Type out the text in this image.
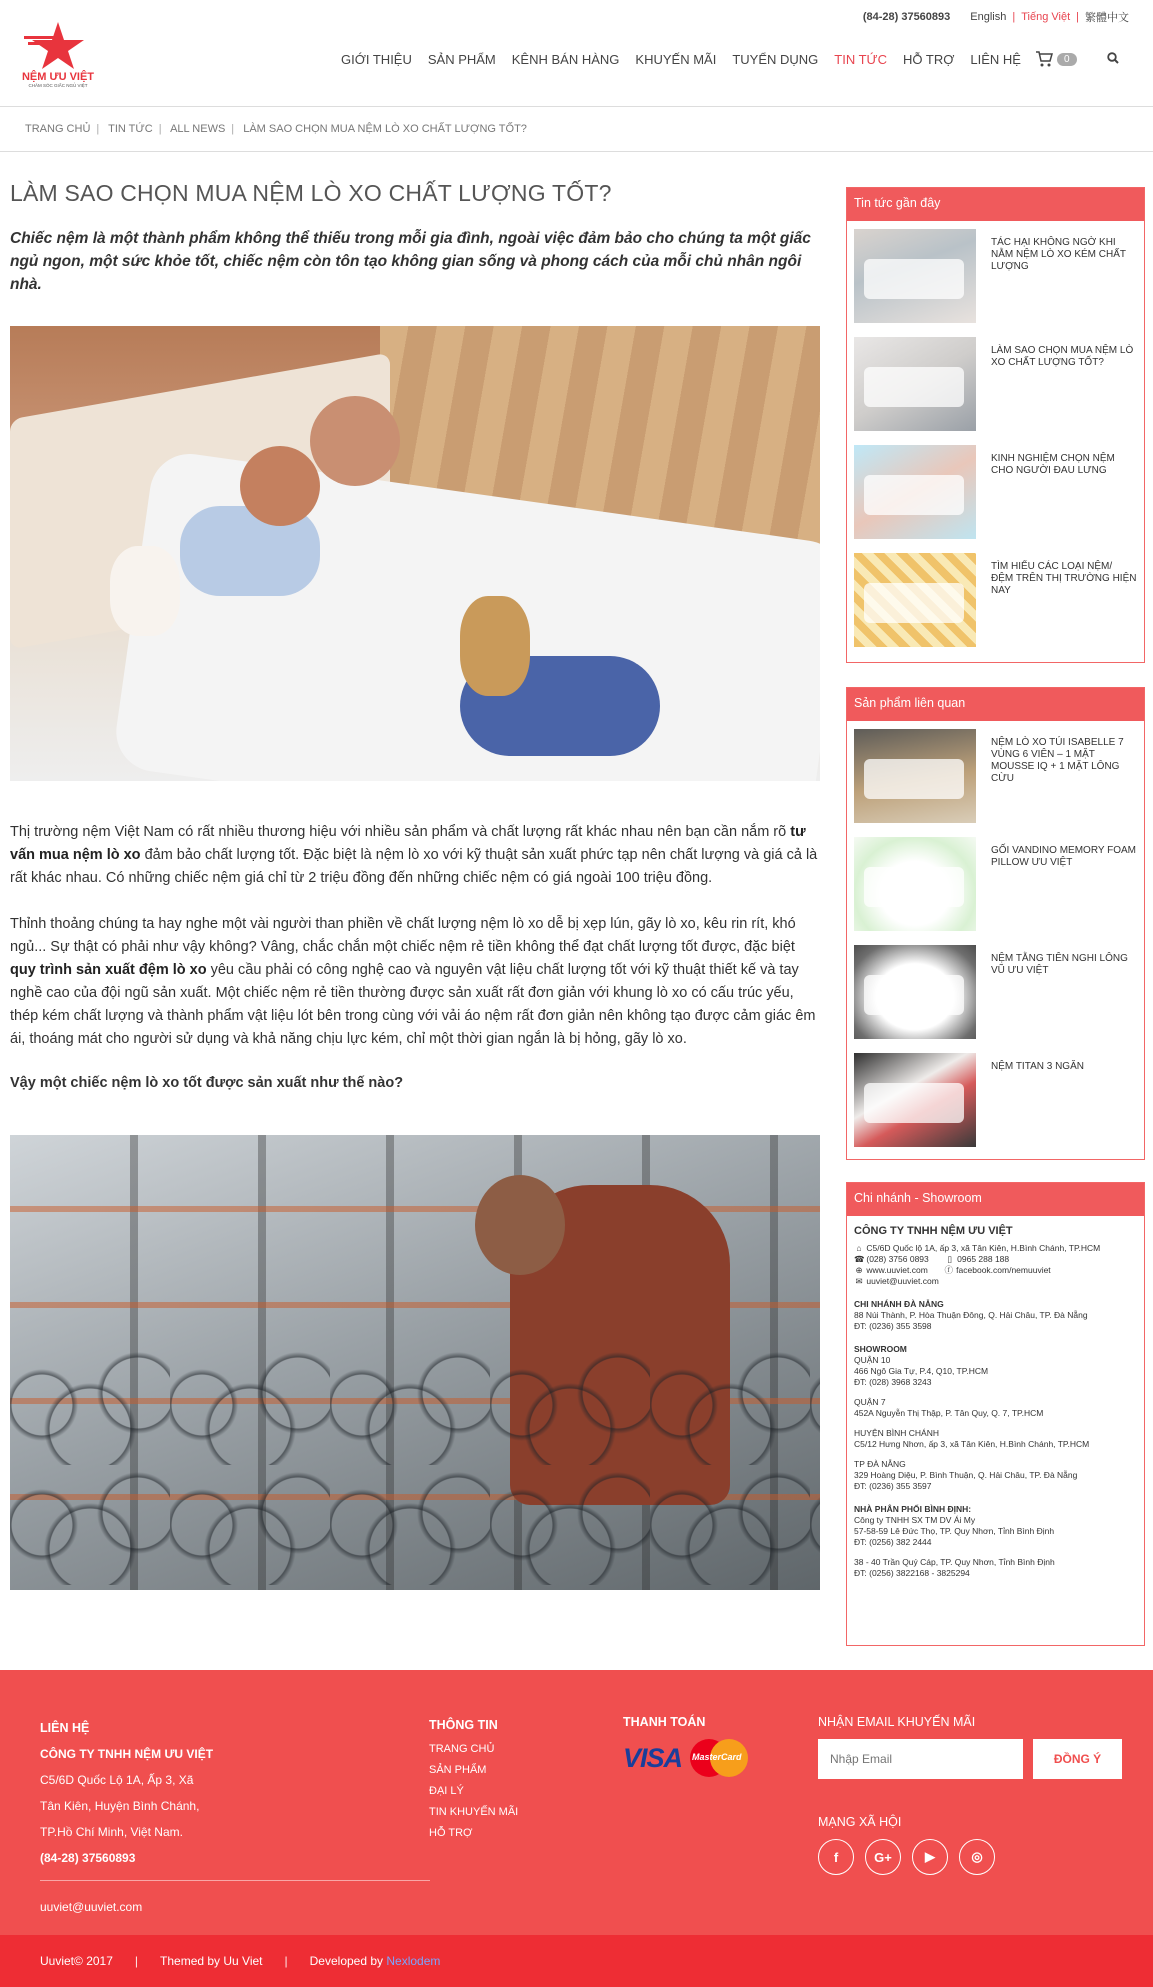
(84-28) 37560893 English | Tiếng Việt | 繁體中文
NỆM ƯU VIỆT
CHĂM SÓC GIẤC NGỦ VIỆT
GIỚI THIỆU SẢN PHẨM KÊNH BÁN HÀNG KHUYẾN MÃI TUYỂN DỤNG TIN TỨC HỖ TRỢ LIÊN HỆ	0
TRANG CHỦ | TIN TỨC | ALL NEWS | LÀM SAO CHỌN MUA NỆM LÒ XO CHẤT LƯỢNG TỐT?
LÀM SAO CHỌN MUA NỆM LÒ XO CHẤT LƯỢNG TỐT?

Chiếc nệm là một thành phẩm không thể thiếu trong mỗi gia đình, ngoài việc đảm bảo cho chúng ta một giấc ngủ ngon, một sức khỏe tốt, chiếc nệm còn tôn tạo không gian sống và phong cách của mỗi chủ nhân ngôi nhà.

Thị trường nệm Việt Nam có rất nhiều thương hiệu với nhiều sản phẩm và chất lượng rất khác nhau nên bạn cần nắm rõ tư vấn mua nệm lò xo đảm bảo chất lượng tốt. Đặc biệt là nệm lò xo với kỹ thuật sản xuất phức tạp nên chất lượng và giá cả là rất khác nhau. Có những chiếc nệm giá chỉ từ 2 triệu đồng đến những chiếc nệm có giá ngoài 100 triệu đồng.

Thỉnh thoảng chúng ta hay nghe một vài người than phiền về chất lượng nệm lò xo dễ bị xẹp lún, gãy lò xo, kêu rin rít, khó ngủ... Sự thật có phải như vậy không? Vâng, chắc chắn một chiếc nệm rẻ tiền không thể đạt chất lượng tốt được, đặc biệt quy trình sản xuất đệm lò xo yêu cầu phải có công nghệ cao và nguyên vật liệu chất lượng tốt với kỹ thuật thiết kế và tay nghề cao của đội ngũ sản xuất. Một chiếc nệm rẻ tiền thường được sản xuất rất đơn giản với khung lò xo có cấu trúc yếu, thép kém chất lượng và thành phẩm vật liệu lót bên trong cùng với vải áo nệm rất đơn giản nên không tạo được cảm giác êm ái, thoáng mát cho người sử dụng và khả năng chịu lực kém, chỉ một thời gian ngắn là bị hỏng, gãy lò xo.

Vậy một chiếc nệm lò xo tốt được sản xuất như thế nào?

Tin tức gần đây
TÁC HẠI KHÔNG NGỜ KHI NẰM NỆM LÒ XO KÉM CHẤT LƯỢNG
LÀM SAO CHỌN MUA NỆM LÒ XO CHẤT LƯỢNG TỐT?
KINH NGHIỆM CHỌN NỆM CHO NGƯỜI ĐAU LƯNG
TÌM HIỂU CÁC LOẠI NỆM/ ĐỆM TRÊN THỊ TRƯỜNG HIỆN NAY
Sản phẩm liên quan
NỆM LÒ XO TÚI ISABELLE 7 VÙNG 6 VIÊN – 1 MẶT MOUSSE IQ + 1 MẶT LÔNG CỪU
GỐI VANDINO MEMORY FOAM PILLOW ƯU VIỆT
NỆM TẰNG TIÊN NGHI LÔNG VŨ ƯU VIỆT
NỆM TITAN 3 NGĂN
Chi nhánh - Showroom
CÔNG TY TNHH NỆM ƯU VIỆT
⌂ C5/6D Quốc lộ 1A, ấp 3, xã Tân Kiên, H.Bình Chánh, TP.HCM
☎ (028) 3756 0893	▯ 0965 288 188
⊕ www.uuviet.com ⓕ facebook.com/nemuuviet
✉ uuviet@uuviet.com
CHI NHÁNH ĐÀ NẴNG
88 Núi Thành, P. Hòa Thuận Đông, Q. Hải Châu, TP. Đà Nẵng
ĐT: (0236) 355 3598
SHOWROOM
QUẬN 10
466 Ngô Gia Tự, P.4, Q10, TP.HCM
ĐT: (028) 3968 3243
QUẬN 7
452A Nguyễn Thị Thập, P. Tân Quy, Q. 7, TP.HCM
HUYỆN BÌNH CHÁNH
C5/12 Hưng Nhơn, ấp 3, xã Tân Kiên, H.Bình Chánh, TP.HCM
TP ĐÀ NẴNG
329 Hoàng Diệu, P. Bình Thuận, Q. Hải Châu, TP. Đà Nẵng
ĐT: (0236) 355 3597
NHÀ PHÂN PHỐI BÌNH ĐỊNH:
Công ty TNHH SX TM DV Ái My
57-58-59 Lê Đức Thọ, TP. Quy Nhơn, Tỉnh Bình Định
ĐT: (0256) 382 2444
38 - 40 Trần Quý Cáp, TP. Quy Nhơn, Tỉnh Bình Định
ĐT: (0256) 3822168 - 3825294
LIÊN HỆ
CÔNG TY TNHH NỆM ƯU VIỆT
C5/6D Quốc Lộ 1A, Ấp 3, Xã
Tân Kiên, Huyện Bình Chánh,
TP.Hồ Chí Minh, Việt Nam.
(84-28) 37560893
uuviet@uuviet.com
THÔNG TIN
TRANG CHỦ
SẢN PHẨM
ĐẠI LÝ
TIN KHUYẾN MÃI
HỖ TRỢ
THANH TOÁN
VISA MasterCard
NHẬN EMAIL KHUYẾN MÃI
Nhập Email
ĐỒNG Ý
MẠNG XÃ HỘI
f	G+	▶	◎
Uuviet© 2017 | Themed by Uu Viet | Developed by
Nexlodem
